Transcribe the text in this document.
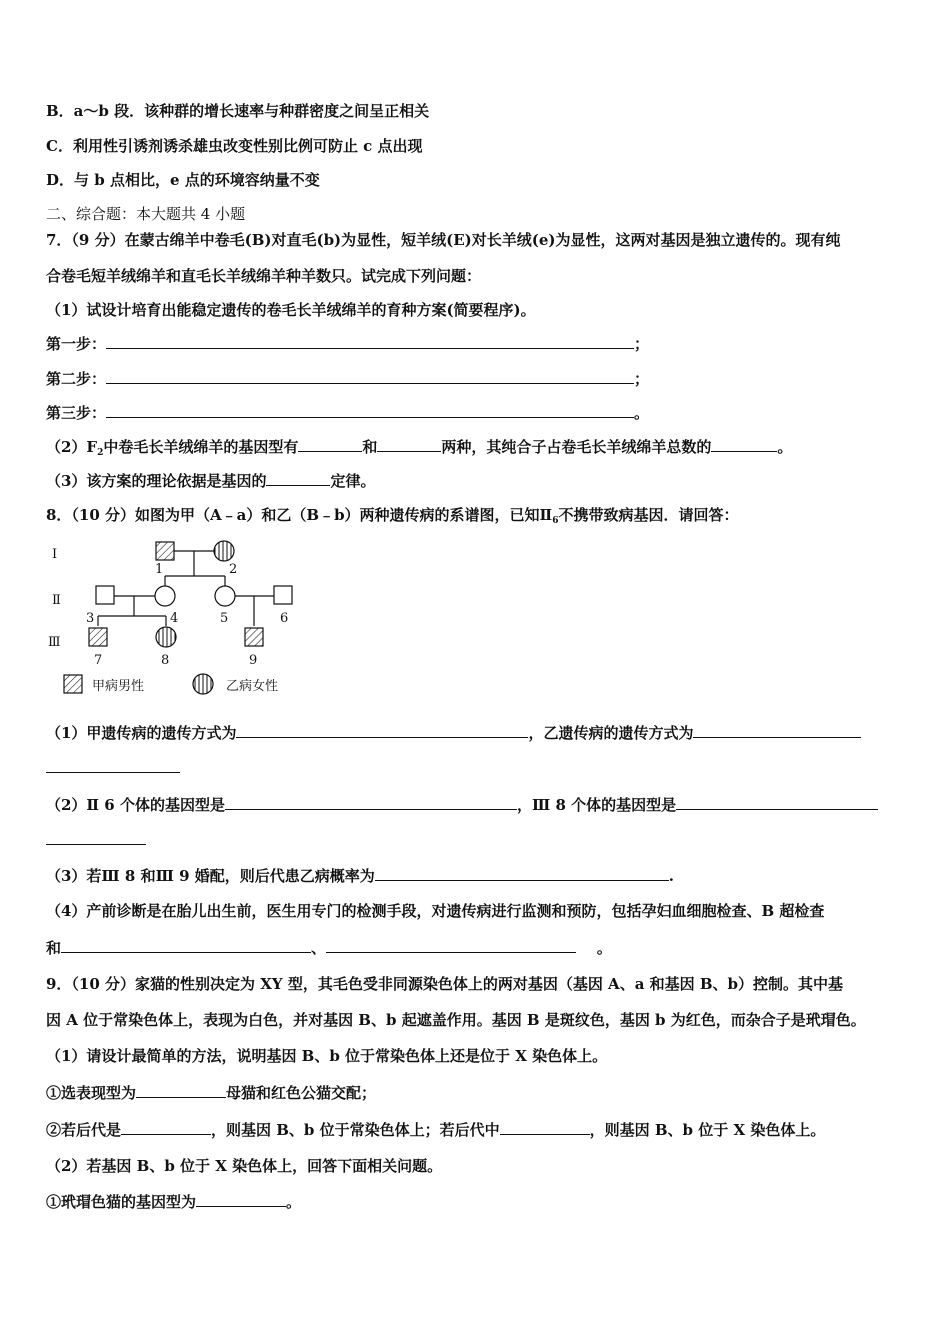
B．a～b 段．该种群的增长速率与种群密度之间呈正相关
C．利用性引诱剂诱杀雄虫改变性别比例可防止 c 点出现
D．与 b 点相比，e 点的环境容纳量不变
二、综合题：本大题共 4 小题
7．（9 分）在蒙古绵羊中卷毛(B)对直毛(b)为显性，短羊绒(E)对长羊绒(e)为显性，这两对基因是独立遗传的。现有纯
合卷毛短羊绒绵羊和直毛长羊绒绵羊种羊数只。试完成下列问题：
（1）试设计培育出能稳定遗传的卷毛长羊绒绵羊的育种方案(简要程序)。
第一步：	；
第二步：	；
第三步：	。
$(2)F_2$中卷毛长羊绒绵羊的基因型有	和	两种，其纯合子占卷毛长羊绒绵羊总数的	。
（3）该方案的理论依据是基因的	定律。
8．（10 分）如图为甲（A﹣a）和乙（B﹣b）两种遗传病的系谱图，已知$Ⅱ_6$不携带致病基因．请回答：
Ⅰ
Ⅱ
Ⅲ
1	2
3	4	5	6
7	8	9
甲病男性	乙病女性
（1）甲遗传病的遗传方式为	，乙遗传病的遗传方式为
（2）Ⅱ 6 个体的基因型是	，Ⅲ 8 个体的基因型是
（3）若Ⅲ 8 和Ⅲ 9 婚配，则后代患乙病概率为	.
（4）产前诊断是在胎儿出生前，医生用专门的检测手段，对遗传病进行监测和预防，包括孕妇血细胞检查、B 超检查
和	、	。
9．（10 分）家猫的性别决定为 XY 型，其毛色受非同源染色体上的两对基因（基因 A、a 和基因 B、b）控制。其中基
因 A 位于常染色体上，表现为白色，并对基因 B、b 起遮盖作用。基因 B 是斑纹色，基因 b 为红色，而杂合子是玳瑁色。
（1）请设计最简单的方法，说明基因 B、b 位于常染色体上还是位于 X 染色体上。
①选表现型为	母猫和红色公猫交配；
②若后代是	，则基因 B、b 位于常染色体上；若后代中	，则基因 B、b 位于 X 染色体上。
（2）若基因 B、b 位于 X 染色体上，回答下面相关问题。
①玳瑁色猫的基因型为	。
